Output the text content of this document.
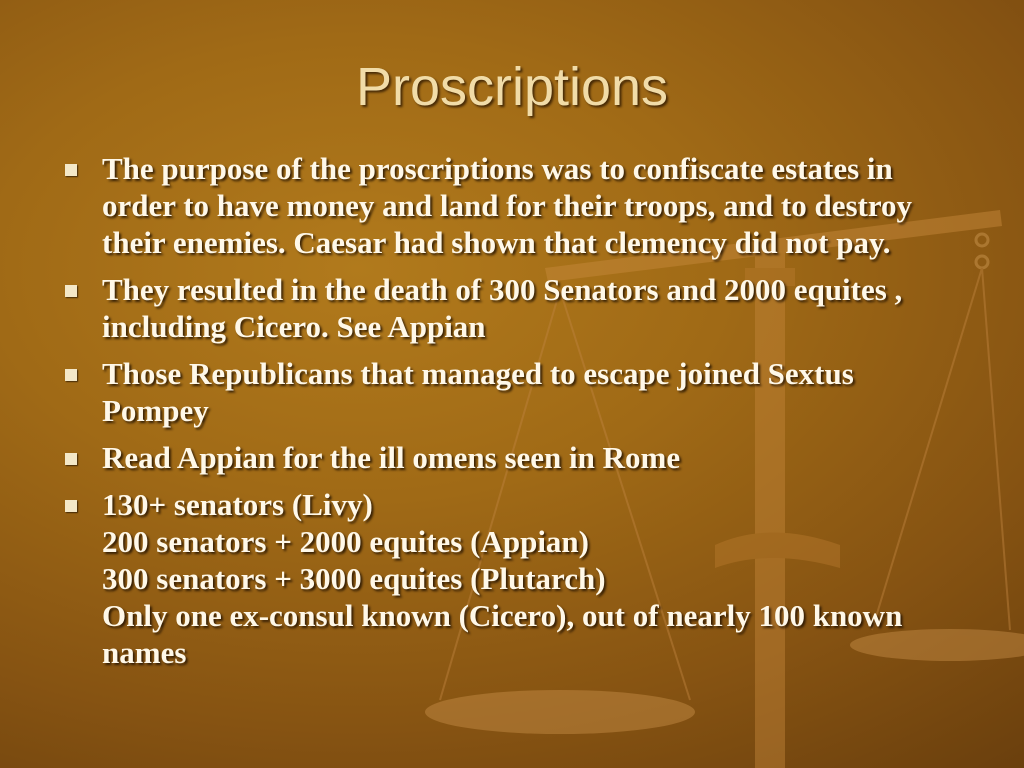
Proscriptions
The purpose of the proscriptions was to confiscate estates in order to have money and land for their troops, and to destroy their enemies. Caesar had shown that clemency did not pay.
They resulted in the death of 300 Senators and 2000 equites , including Cicero. See Appian
Those Republicans that managed to escape joined Sextus Pompey
Read Appian for the ill omens seen in Rome
130+ senators (Livy)
200 senators + 2000 equites (Appian)
300 senators + 3000 equites (Plutarch)
Only one ex-consul known (Cicero), out of nearly 100 known names
